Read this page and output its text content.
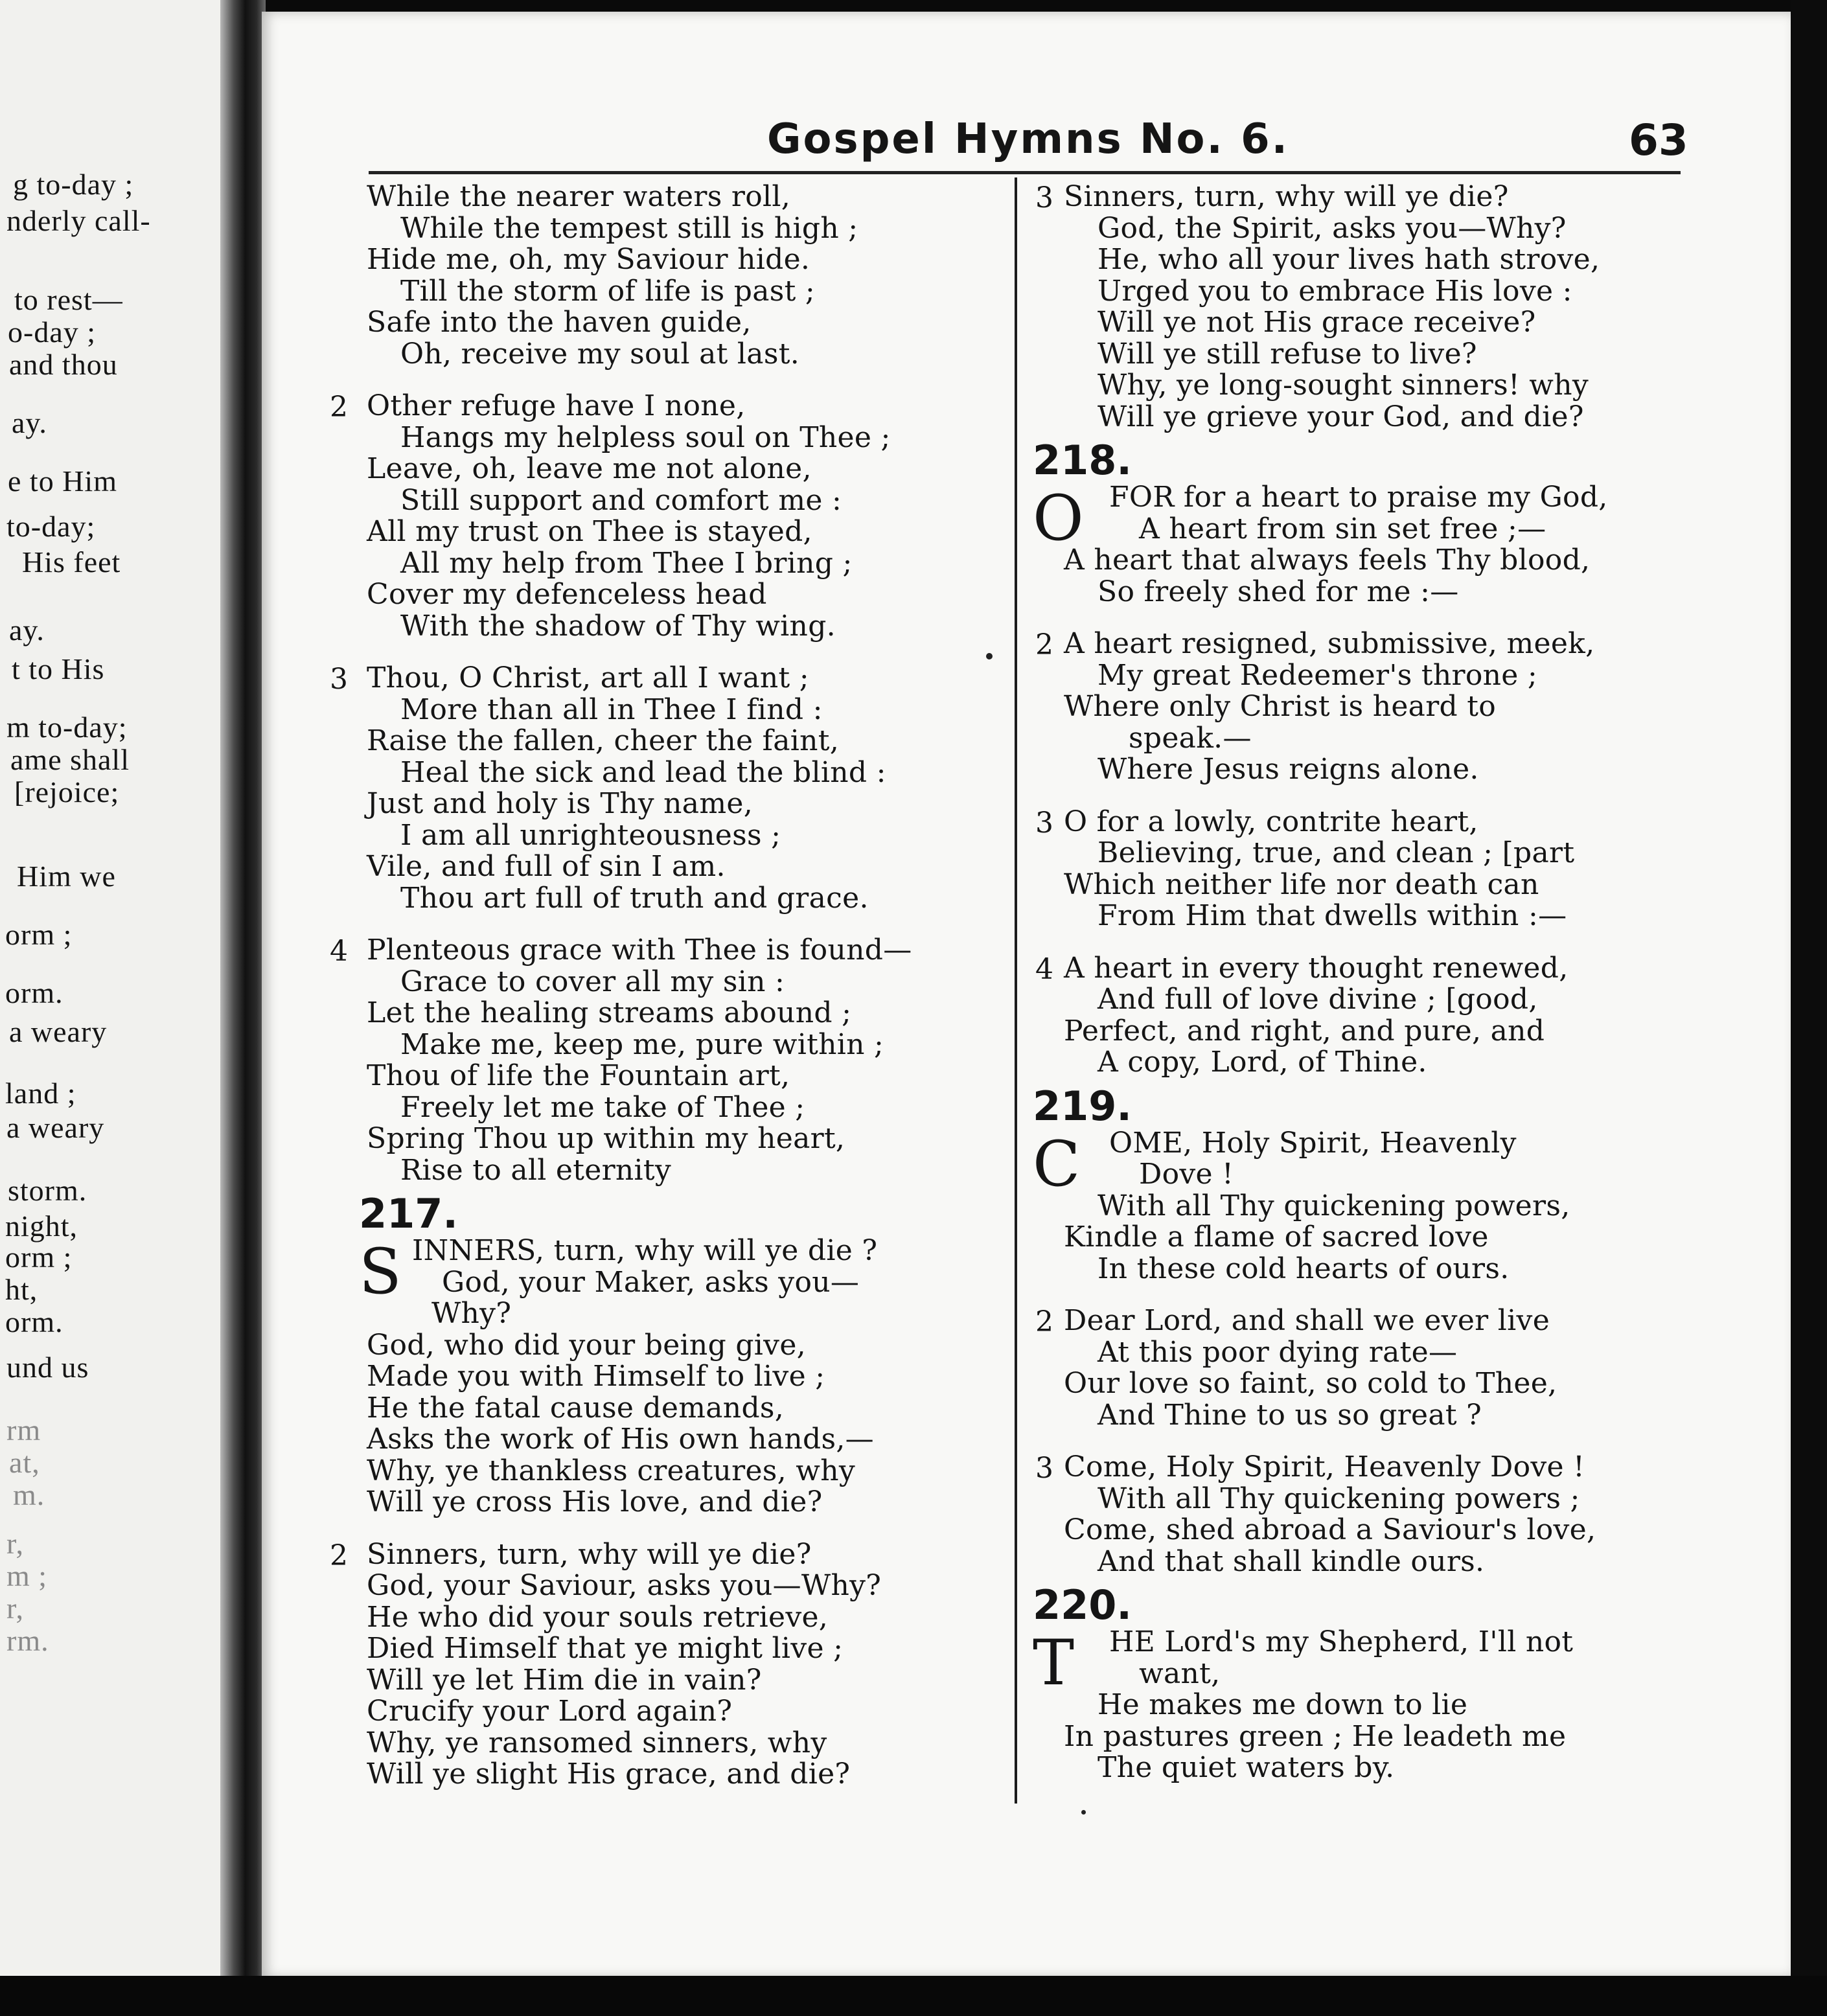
g to-day ;
nderly call-
to rest—
o-day ;
and thou
ay.
e to Him
to-day;
His feet
ay.
t to His
m to-day;
ame shall
[rejoice;
Him we
orm ;
orm.
a weary
land ;
a weary
storm.
night,
orm ;
ht,
orm.
und us
rm
at,
m.
r,
m ;
r,
rm.
Gospel Hymns No. 6.	63
While the nearer waters roll,
While the tempest still is high ;
Hide me, oh, my Saviour hide.
Till the storm of life is past ;
Safe into the haven guide,
Oh, receive my soul at last.
Other refuge have I none,
Hangs my helpless soul on Thee ;
Leave, oh, leave me not alone,
Still support and comfort me :
All my trust on Thee is stayed,
All my help from Thee I bring ;
Cover my defenceless head
With the shadow of Thy wing.
2
Thou, O Christ, art all I want ;
More than all in Thee I find :
Raise the fallen, cheer the faint,
Heal the sick and lead the blind :
Just and holy is Thy name,
I am all unrighteousness ;
Vile, and full of sin I am.
Thou art full of truth and grace.
3
Plenteous grace with Thee is found—
Grace to cover all my sin :
Let the healing streams abound ;
Make me, keep me, pure within ;
Thou of life the Fountain art,
Freely let me take of Thee ;
Spring Thou up within my heart,
Rise to all eternity
4
217.
INNERS, turn, why will ye die ?
God, your Maker, asks you—
Why?
God, who did your being give,
Made you with Himself to live ;
He the fatal cause demands,
Asks the work of His own hands,—
Why, ye thankless creatures, why
Will ye cross His love, and die?
S
Sinners, turn, why will ye die?
God, your Saviour, asks you—Why?
He who did your souls retrieve,
Died Himself that ye might live ;
Will ye let Him die in vain?
Crucify your Lord again?
Why, ye ransomed sinners, why
Will ye slight His grace, and die?
2
Sinners, turn, why will ye die?
God, the Spirit, asks you—Why?
He, who all your lives hath strove,
Urged you to embrace His love :
Will ye not His grace receive?
Will ye still refuse to live?
Why, ye long-sought sinners! why
Will ye grieve your God, and die?
3
218.
FOR for a heart to praise my God,
A heart from sin set free ;—
A heart that always feels Thy blood,
So freely shed for me :—
O
A heart resigned, submissive, meek,
My great Redeemer's throne ;
Where only Christ is heard to
speak.—
Where Jesus reigns alone.
2
O for a lowly, contrite heart,
Believing, true, and clean ; [part
Which neither life nor death can
From Him that dwells within :—
3
A heart in every thought renewed,
And full of love divine ; [good,
Perfect, and right, and pure, and
A copy, Lord, of Thine.
4
219.
OME, Holy Spirit, Heavenly
Dove !
With all Thy quickening powers,
Kindle a flame of sacred love
In these cold hearts of ours.
C
Dear Lord, and shall we ever live
At this poor dying rate—
Our love so faint, so cold to Thee,
And Thine to us so great ?
2
Come, Holy Spirit, Heavenly Dove !
With all Thy quickening powers ;
Come, shed abroad a Saviour's love,
And that shall kindle ours.
3
220.
HE Lord's my Shepherd, I'll not
want,
He makes me down to lie
In pastures green ; He leadeth me
The quiet waters by.
T
